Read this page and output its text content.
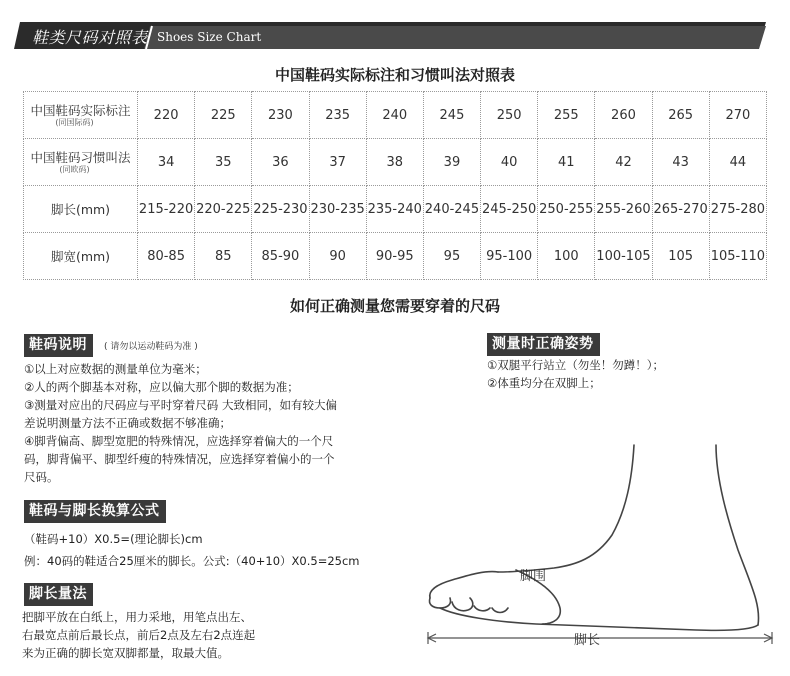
鞋类尺码对照表 Shoes Size Chart
中国鞋码实际标注和习惯叫法对照表
中国鞋码实际标注
(同国际码)	220	225	230	235	240	245	250	255	260	265	270

中国鞋码习惯叫法
(同欧码)	34	35	36	37	38	39	40	41	42	43	44

脚长(mm)	215-220	220-225	225-230	230-235	235-240	240-245	245-250	250-255	255-260	265-270	275-280

脚宽(mm)	80-85	85	85-90	90	90-95	95	95-100	100	100-105	105	105-110
如何正确测量您需要穿着的尺码
鞋码说明	( 请勿以运动鞋码为准 )
①以上对应数据的测量单位为毫米；
②人的两个脚基本对称，应以偏大那个脚的数据为准；
③测量对应出的尺码应与平时穿着尺码 大致相同，如有较大偏
差说明测量方法不正确或数据不够准确；
④脚背偏高、脚型宽肥的特殊情况，应选择穿着偏大的一个尺
码，脚背偏平、脚型纤瘦的特殊情况，应选择穿着偏小的一个
尺码。
测量时正确姿势
①双腿平行站立（勿坐！勿蹲！）；
②体重均分在双脚上；
鞋码与脚长换算公式
（鞋码+10）X0.5=(理论脚长)cm
例：40码的鞋适合25厘米的脚长。公式:（40+10）X0.5=25cm
脚长量法
把脚平放在白纸上，用力采地，用笔点出左、
右最宽点前后最长点，前后2点及左右2点连起
来为正确的脚长宽双脚都量，取最大值。
脚围
脚长
